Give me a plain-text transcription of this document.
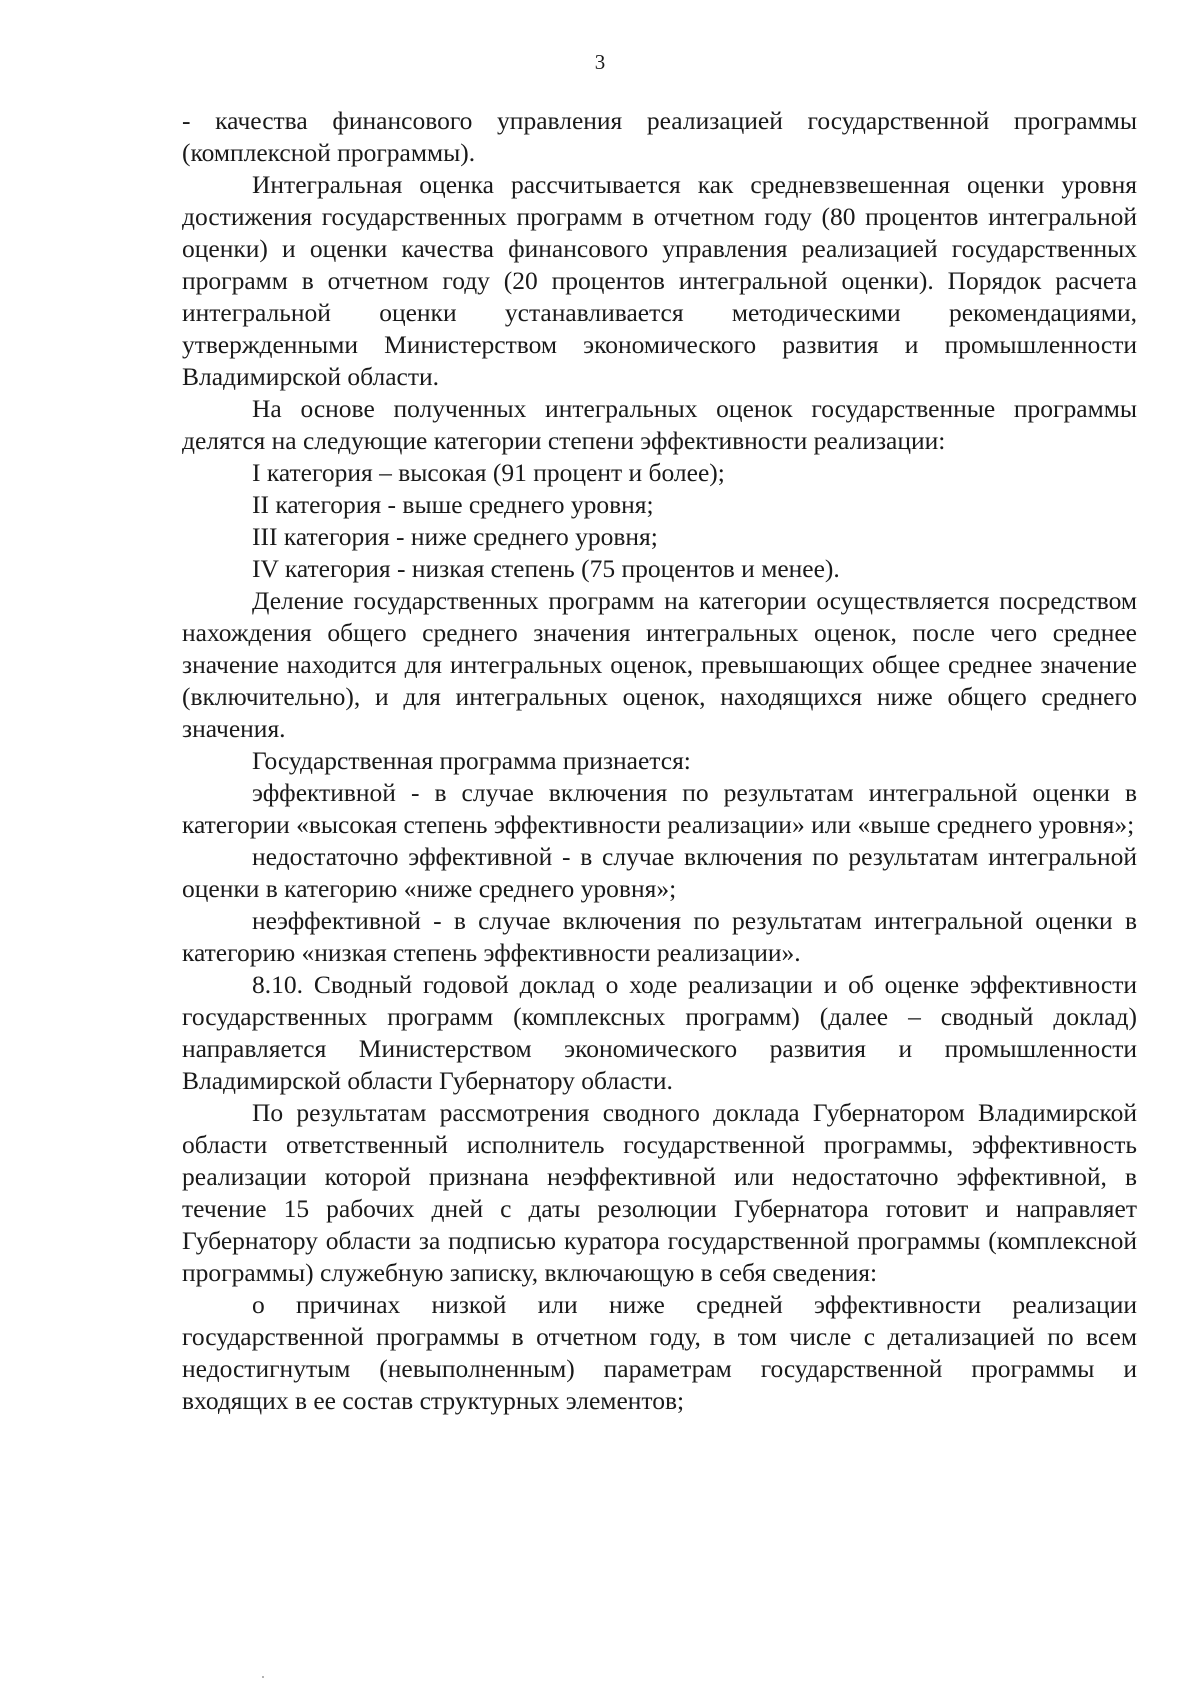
3

- качества финансового управления реализацией государственной программы (комплексной программы).

Интегральная оценка рассчитывается как средневзвешенная оценки уровня достижения государственных программ в отчетном году (80 процентов интегральной оценки) и оценки качества финансового управления реализацией государственных программ в отчетном году (20 процентов интегральной оценки). Порядок расчета интегральной оценки устанавливается методическими рекомендациями, утвержденными Министерством экономического развития и промышленности Владимирской области.

На основе полученных интегральных оценок государственные программы делятся на следующие категории степени эффективности реализации:

I категория – высокая (91 процент и более);

II категория - выше среднего уровня;

III категория - ниже среднего уровня;

IV категория - низкая степень (75 процентов и менее).

Деление государственных программ на категории осуществляется посредством нахождения общего среднего значения интегральных оценок, после чего среднее значение находится для интегральных оценок, превышающих общее среднее значение (включительно), и для интегральных оценок, находящихся ниже общего среднего значения.

Государственная программа признается:

эффективной - в случае включения по результатам интегральной оценки в категории «высокая степень эффективности реализации» или «выше среднего уровня»;

недостаточно эффективной - в случае включения по результатам интегральной оценки в категорию «ниже среднего уровня»;

неэффективной - в случае включения по результатам интегральной оценки в категорию «низкая степень эффективности реализации».

8.10. Сводный годовой доклад о ходе реализации и об оценке эффективности государственных программ (комплексных программ) (далее – сводный доклад) направляется Министерством экономического развития и промышленности Владимирской области Губернатору области.

По результатам рассмотрения сводного доклада Губернатором Владимирской области ответственный исполнитель государственной программы, эффективность реализации которой признана неэффективной или недостаточно эффективной, в течение 15 рабочих дней с даты резолюции Губернатора готовит и направляет Губернатору области за подписью куратора государственной программы (комплексной программы) служебную записку, включающую в себя сведения:

о причинах низкой или ниже средней эффективности реализации государственной программы в отчетном году, в том числе с детализацией по всем недостигнутым (невыполненным) параметрам государственной программы и входящих в ее состав структурных элементов;
